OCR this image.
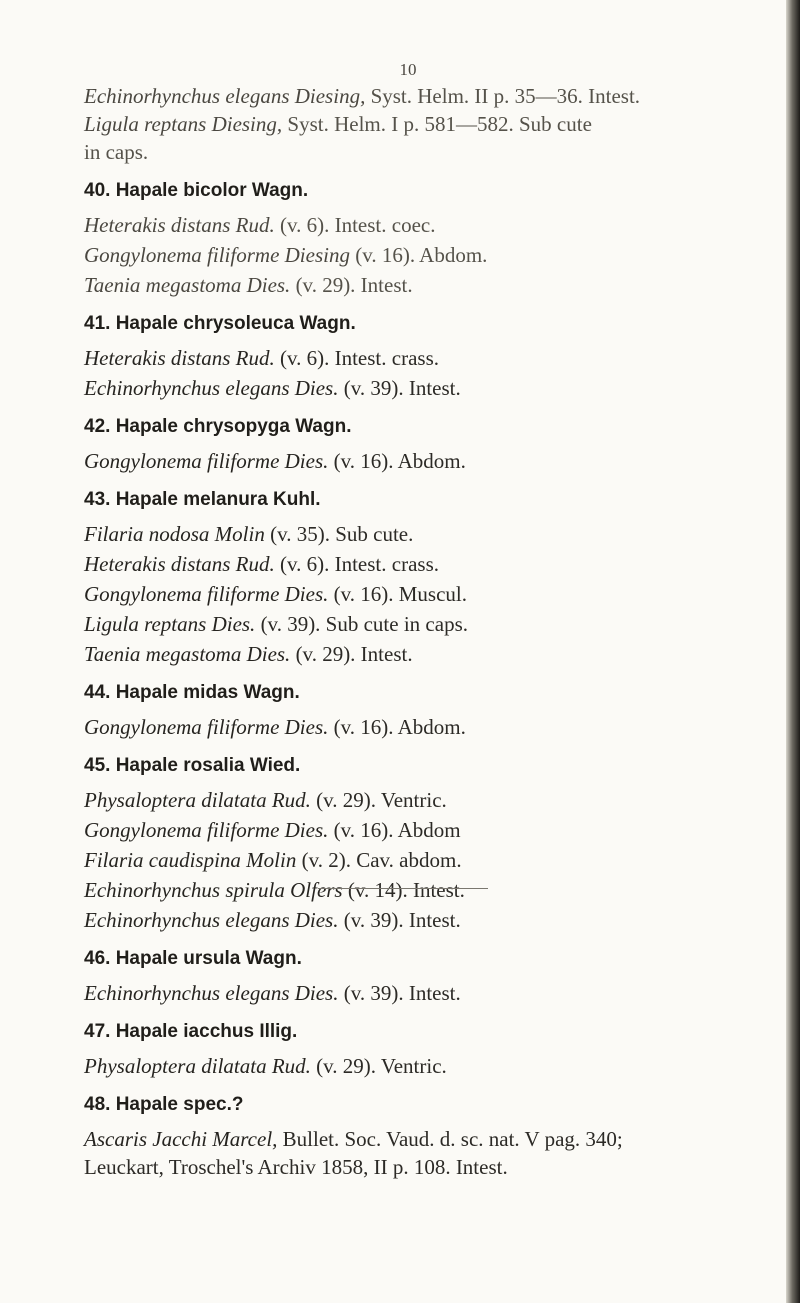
10
Echinorhynchus elegans Diesing, Syst. Helm. II p. 35—36. Intest.
Ligula reptans Diesing, Syst. Helm. I p. 581—582. Sub cute
in caps.
40. Hapale bicolor Wagn.
Heterakis distans Rud. (v. 6). Intest. coec.
Gongylonema filiforme Diesing (v. 16). Abdom.
Taenia megastoma Dies. (v. 29). Intest.
41. Hapale chrysoleuca Wagn.
Heterakis distans Rud. (v. 6). Intest. crass.
Echinorhynchus elegans Dies. (v. 39). Intest.
42. Hapale chrysopyga Wagn.
Gongylonema filiforme Dies. (v. 16). Abdom.
43. Hapale melanura Kuhl.
Filaria nodosa Molin (v. 35). Sub cute.
Heterakis distans Rud. (v. 6). Intest. crass.
Gongylonema filiforme Dies. (v. 16). Muscul.
Ligula reptans Dies. (v. 39). Sub cute in caps.
Taenia megastoma Dies. (v. 29). Intest.
44. Hapale midas Wagn.
Gongylonema filiforme Dies. (v. 16). Abdom.
45. Hapale rosalia Wied.
Physaloptera dilatata Rud. (v. 29). Ventric.
Gongylonema filiforme Dies. (v. 16). Abdom
Filaria caudispina Molin (v. 2). Cav. abdom.
Echinorhynchus spirula Olfers (v. 14). Intest.
Echinorhynchus elegans Dies. (v. 39). Intest.
46. Hapale ursula Wagn.
Echinorhynchus elegans Dies. (v. 39). Intest.
47. Hapale iacchus Illig.
Physaloptera dilatata Rud. (v. 29). Ventric.
48. Hapale spec.?
Ascaris Jacchi Marcel, Bullet. Soc. Vaud. d. sc. nat. V pag. 340;
Leuckart, Troschel's Archiv 1858, II p. 108. Intest.
